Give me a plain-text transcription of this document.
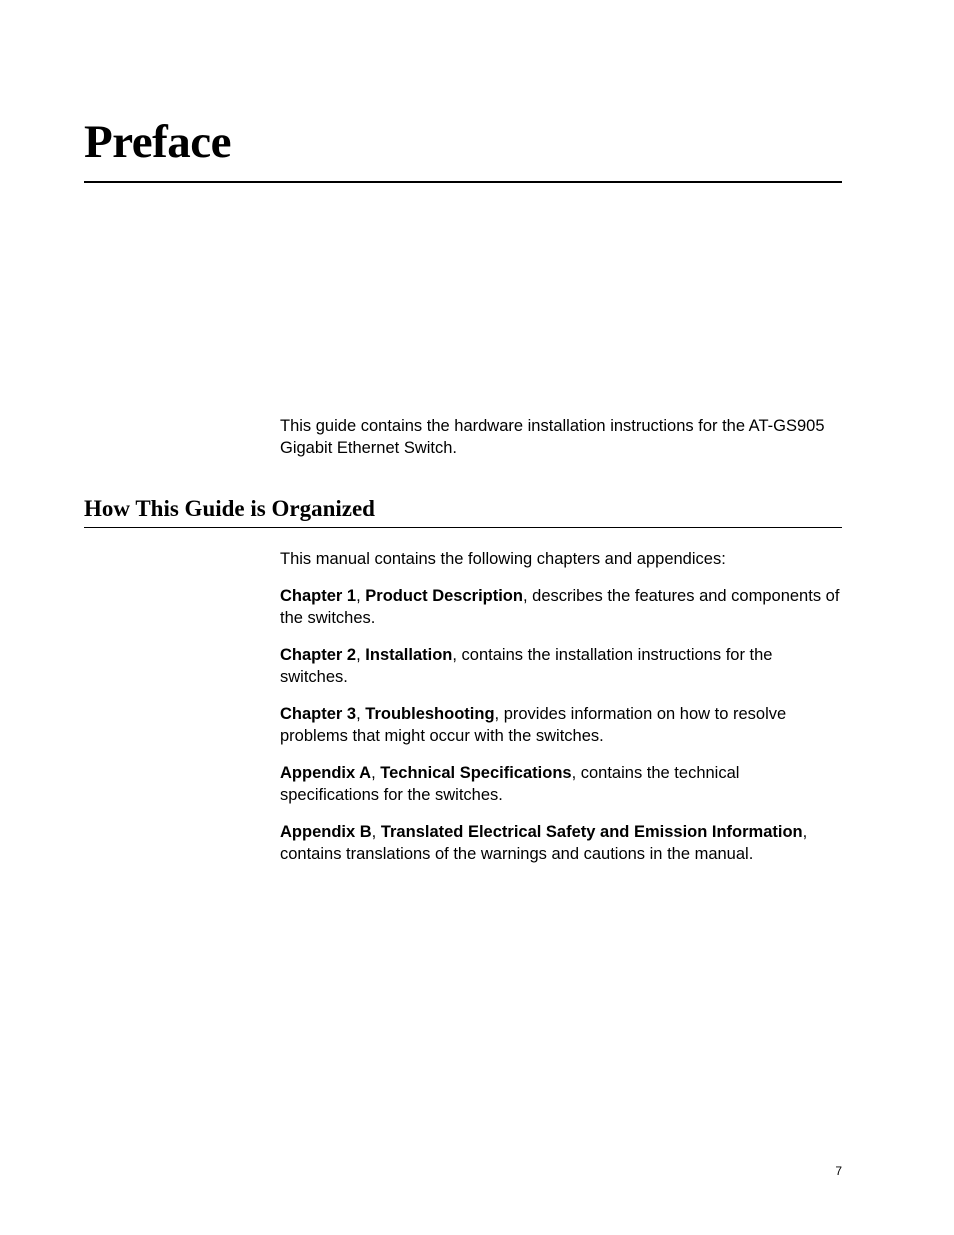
Preface

This guide contains the hardware installation instructions for the AT-GS905 Gigabit Ethernet Switch.

How This Guide is Organized

This manual contains the following chapters and appendices:

Chapter 1, Product Description, describes the features and components of the switches.

Chapter 2, Installation, contains the installation instructions for the switches.

Chapter 3, Troubleshooting, provides information on how to resolve problems that might occur with the switches.

Appendix A, Technical Specifications, contains the technical specifications for the switches.

Appendix B, Translated Electrical Safety and Emission Information, contains translations of the warnings and cautions in the manual.

7
